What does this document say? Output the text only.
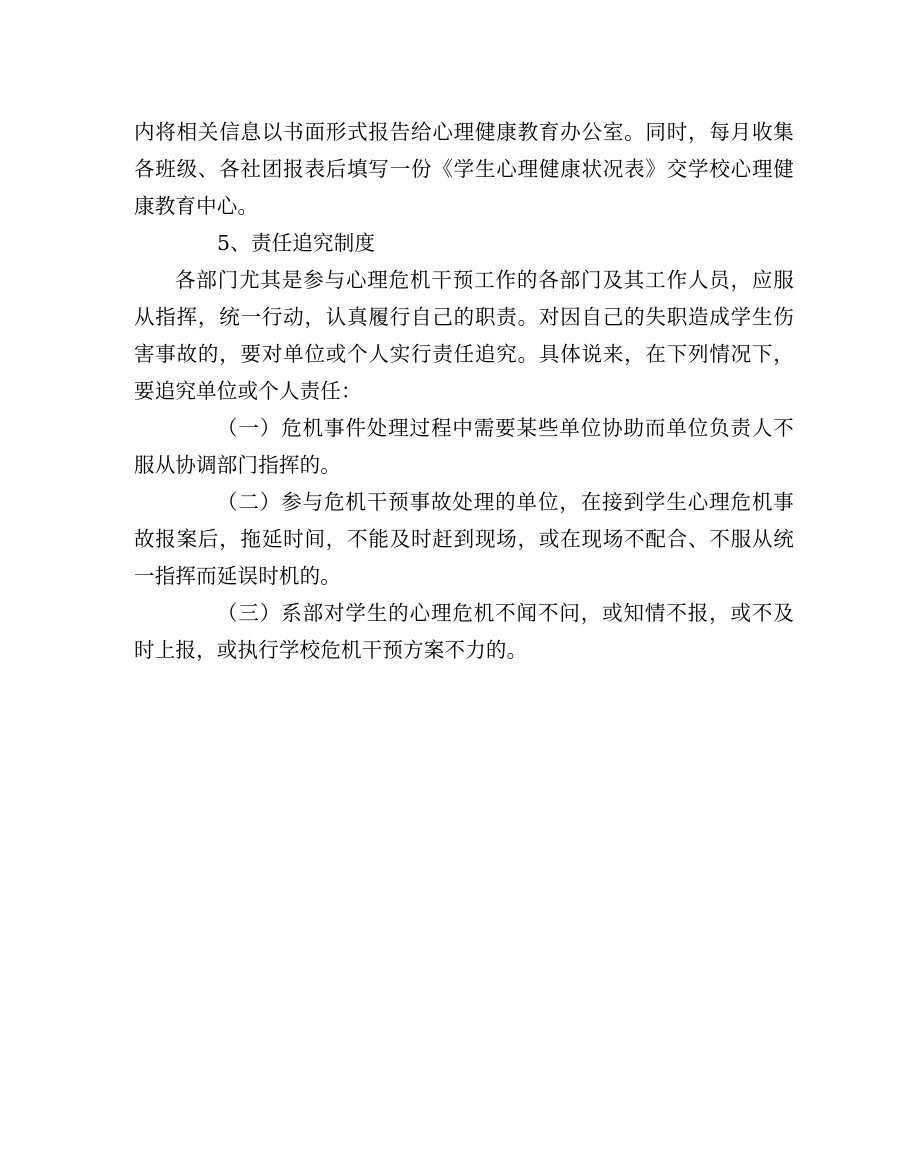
内将相关信息以书面形式报告给心理健康教育办公室。同时，每月收集各班级、各社团报表后填写一份《学生心理健康状况表》交学校心理健康教育中心。

5、责任追究制度

各部门尤其是参与心理危机干预工作的各部门及其工作人员，应服从指挥，统一行动，认真履行自己的职责。对因自己的失职造成学生伤害事故的，要对单位或个人实行责任追究。具体说来，在下列情况下，要追究单位或个人责任：

（一）危机事件处理过程中需要某些单位协助而单位负责人不服从协调部门指挥的。

（二）参与危机干预事故处理的单位，在接到学生心理危机事故报案后，拖延时间，不能及时赶到现场，或在现场不配合、不服从统一指挥而延误时机的。

（三）系部对学生的心理危机不闻不问，或知情不报，或不及时上报，或执行学校危机干预方案不力的。
